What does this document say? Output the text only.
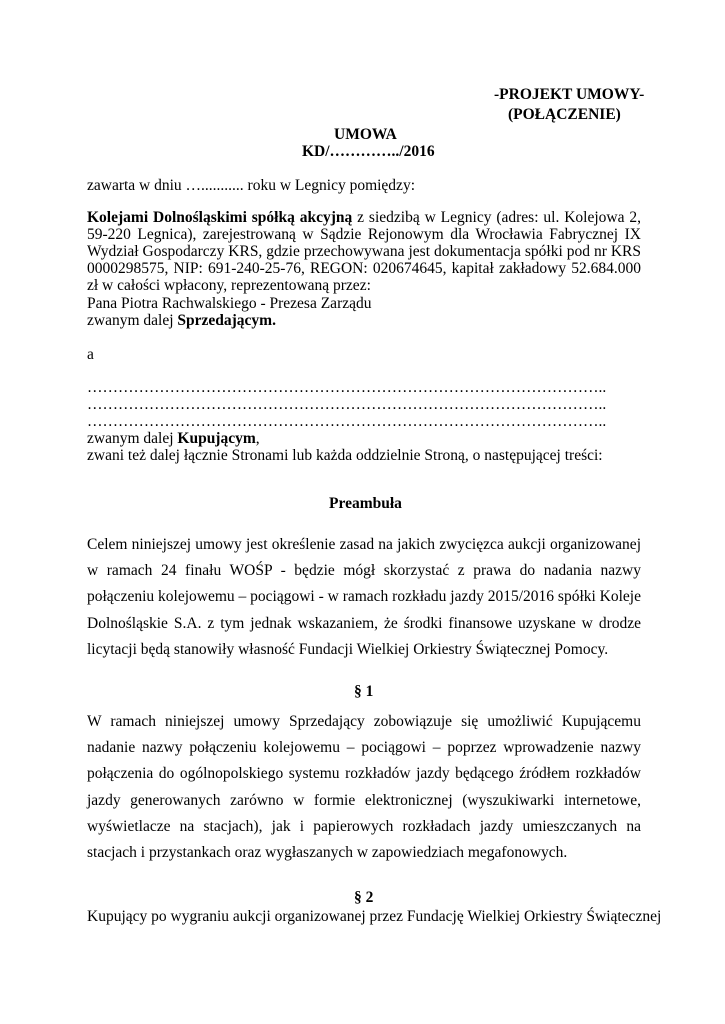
-PROJEKT UMOWY-
(POŁĄCZENIE)
UMOWA
KD/…………../2016
zawarta w dniu …........... roku w Legnicy pomiędzy:
Kolejami Dolnośląskimi spółką akcyjną z siedzibą w Legnicy (adres: ul. Kolejowa 2, 59-220 Legnica), zarejestrowaną w Sądzie Rejonowym dla Wrocławia Fabrycznej IX Wydział Gospodarczy KRS, gdzie przechowywana jest dokumentacja spółki pod nr KRS 0000298575, NIP: 691-240-25-76, REGON: 020674645, kapitał zakładowy 52.684.000 zł w całości wpłacony, reprezentowaną przez:
Pana Piotra Rachwalskiego - Prezesa Zarządu
zwanym dalej Sprzedającym.
a
………………………………………………………………………………………..
………………………………………………………………………………………..
………………………………………………………………………………………..
zwanym dalej Kupującym,
zwani też dalej łącznie Stronami lub każda oddzielnie Stroną, o następującej treści:
Preambuła
Celem niniejszej umowy jest określenie zasad na jakich zwycięzca aukcji organizowanej w ramach 24 finału WOŚP - będzie mógł skorzystać z prawa do nadania nazwy połączeniu kolejowemu – pociągowi - w ramach rozkładu jazdy 2015/2016 spółki Koleje Dolnośląskie S.A. z tym jednak wskazaniem, że środki finansowe uzyskane w drodze licytacji będą stanowiły własność Fundacji Wielkiej Orkiestry Świątecznej Pomocy.
§ 1
W ramach niniejszej umowy Sprzedający zobowiązuje się umożliwić Kupującemu nadanie nazwy połączeniu kolejowemu – pociągowi – poprzez wprowadzenie nazwy połączenia do ogólnopolskiego systemu rozkładów jazdy będącego źródłem rozkładów jazdy generowanych zarówno w formie elektronicznej (wyszukiwarki internetowe, wyświetlacze na stacjach), jak i papierowych rozkładach jazdy umieszczanych na stacjach i przystankach oraz wygłaszanych w zapowiedziach megafonowych.
§ 2
Kupujący po wygraniu aukcji organizowanej przez Fundację Wielkiej Orkiestry Świątecznej
